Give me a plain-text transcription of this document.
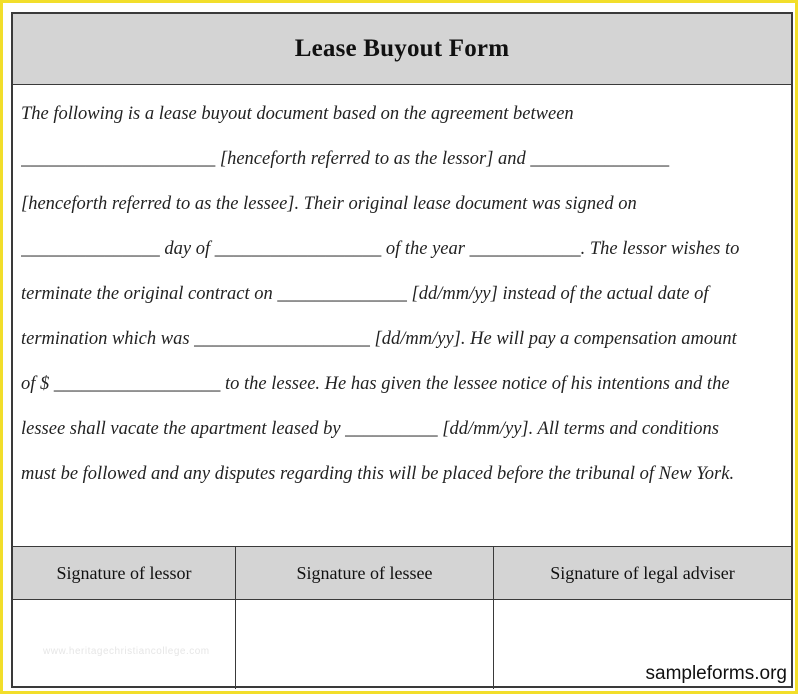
Lease Buyout Form
The following is a lease buyout document based on the agreement between
_____________________ [henceforth referred to as the lessor] and _______________
[henceforth referred to as the lessee]. Their original lease document was signed on
_______________ day of __________________ of the year ____________. The lessor wishes to
terminate the original contract on ______________ [dd/mm/yy] instead of the actual date of
termination which was ___________________ [dd/mm/yy]. He will pay a compensation amount
of $ __________________ to the lessee. He has given the lessee notice of his intentions and the
lessee shall vacate the apartment leased by __________ [dd/mm/yy]. All terms and conditions
must be followed and any disputes regarding this will be placed before the tribunal of New York.
Signature of lessor	Signature of lessee	Signature of legal adviser
www.heritagechristiancollege.com
sampleforms.org
